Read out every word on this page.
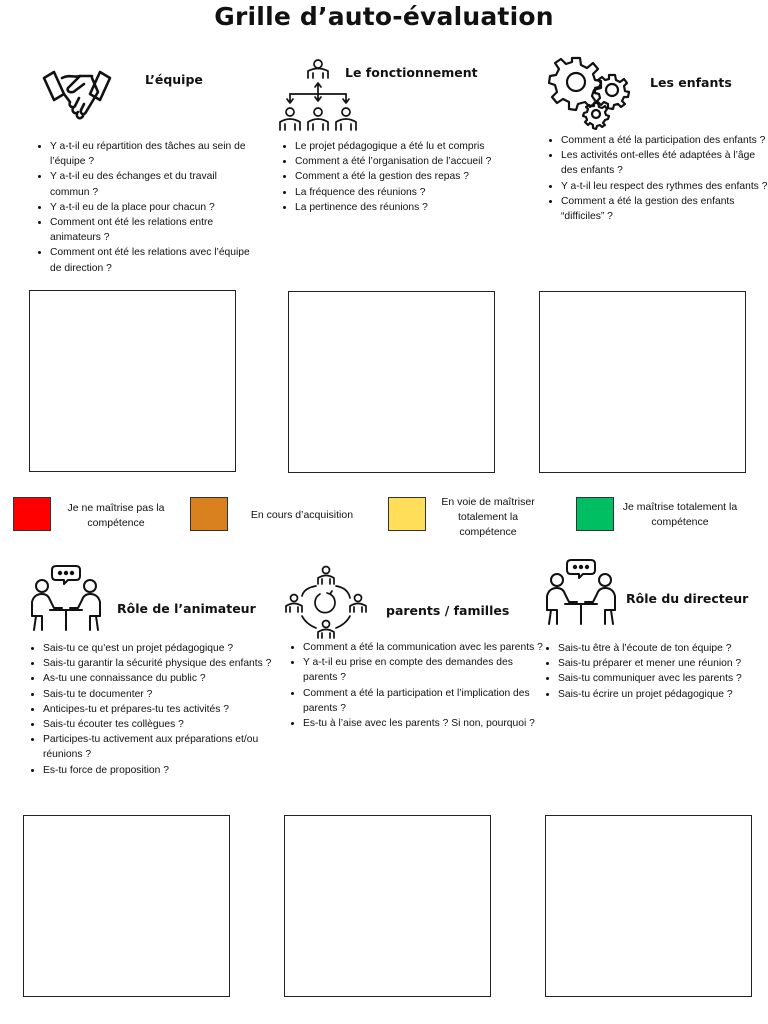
Grille d’auto-évaluation
L’équipe
• Y a-t-il eu répartition des tâches au sein de l’équipe ?
• Y a-t-il eu des échanges et du travail commun ?
• Y a-t-il eu de la place pour chacun ?
• Comment ont été les relations entre animateurs ?
• Comment ont été les relations avec l’équipe de direction ?
Le fonctionnement
• Le projet pédagogique a été lu et compris
• Comment a été l’organisation de l’accueil ?
• Comment a été la gestion des repas ?
• La fréquence des réunions ?
• La pertinence des réunions ?
Les enfants
• Comment a été la participation des enfants ?
• Les activités ont-elles été adaptées à l’âge des enfants ?
• Y a-t-il leu respect des rythmes des enfants ?
• Comment a été la gestion des enfants “difficiles” ?
Je ne maîtrise pas la compétence
En cours d’acquisition
En voie de maîtriser totalement la compétence
Je maîtrise totalement la compétence
Rôle de l’animateur
• Sais-tu ce qu’est un projet pédagogique ?
• Sais-tu garantir la sécurité physique des enfants ?
• As-tu une connaissance du public ?
• Sais-tu te documenter ?
• Anticipes-tu et prépares-tu tes activités ?
• Sais-tu écouter tes collègues ?
• Participes-tu activement aux préparations et/ou réunions ?
• Es-tu force de proposition ?
parents / familles
• Comment a été la communication avec les parents ?
• Y a-t-il eu prise en compte des demandes des parents ?
• Comment a été la participation et l’implication des parents ?
• Es-tu à l’aise avec les parents ? Si non, pourquoi ?
Rôle du directeur
• Sais-tu être à l’écoute de ton équipe ?
• Sais-tu préparer et mener une réunion ?
• Sais-tu communiquer avec les parents ?
• Sais-tu écrire un projet pédagogique ?
